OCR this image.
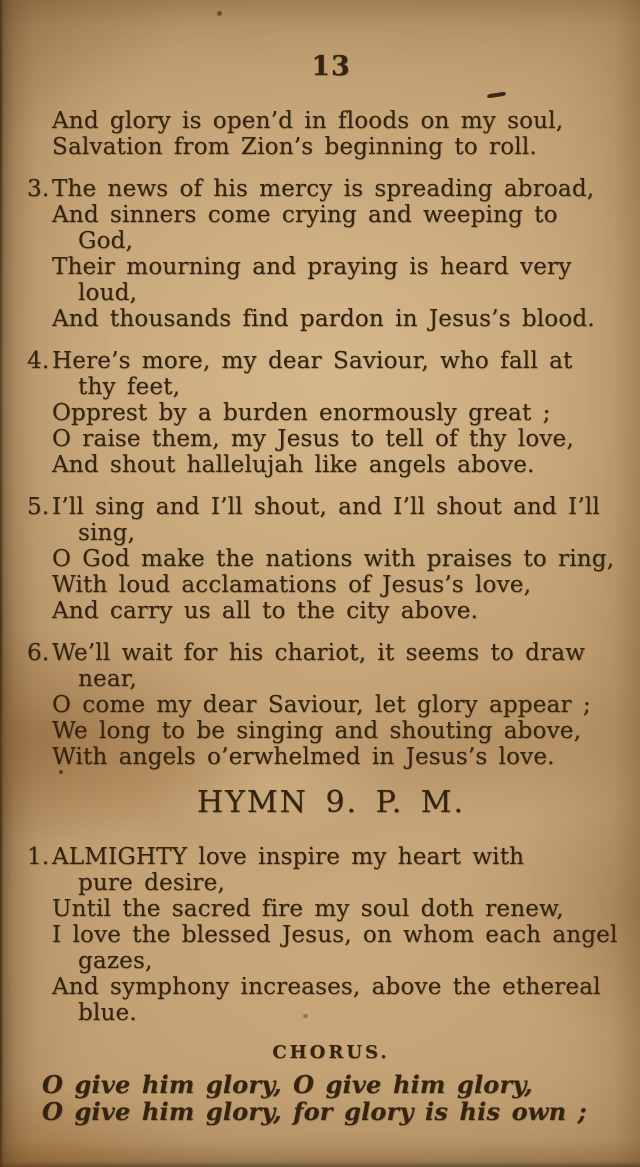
13
And glory is open’d in floods on my soul,
Salvation from Zion’s beginning to roll.
3. The news of his mercy is spreading abroad,
And sinners come crying and weeping to
God,
Their mourning and praying is heard very
loud,
And thousands find pardon in Jesus’s blood.
4. Here’s more, my dear Saviour, who fall at
thy feet,
Opprest by a burden enormously great ;
O raise them, my Jesus to tell of thy love,
And shout hallelujah like angels above.
5. I’ll sing and I’ll shout, and I’ll shout and I’ll
sing,
O God make the nations with praises to ring,
With loud acclamations of Jesus’s love,
And carry us all to the city above.
6. We’ll wait for his chariot, it seems to draw
near,
O come my dear Saviour, let glory appear ;
We long to be singing and shouting above,
With angels o’erwhelmed in Jesus’s love.
HYMN 9. P. M.
1. ALMIGHTY love inspire my heart with
pure desire,
Until the sacred fire my soul doth renew,
I love the blessed Jesus, on whom each angel
gazes,
And symphony increases, above the ethereal
blue.
CHORUS.
O give him glory, O give him glory,
O give him glory, for glory is his own ;
